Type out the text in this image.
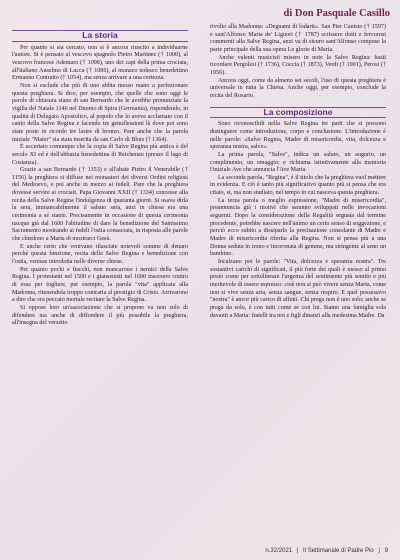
di Don Pasquale Casillo
La storia

Per quanto si sia cercato, non si è ancora riuscito a individuarne l'autore. Si è pensato al vescovo spagnolo Pietro Martinez († 1000), al vescovo francese Ademaro († 1098), uno dei capi della prima crociata, all'italiano Anselmo di Lucca († 1086), al monaco tedesco benedettino Ermanno Contratto († 1054), ma senza arrivare a una certezza.

Non si esclude che più di uno abbia messo mano a perfezionare questa preghiera. Si dice, per esempio, che quelle che sono oggi le parole di chiusura siano di san Bernardo che le avrebbe pronunziate la vigilia del Natale 1146 nel Duomo di Spira (Germania), rispondendo, in qualità di Delegato Apostolico, al popolo che lo aveva acclamato con il canto della Salve Regina e facendo tre genuflessioni là dove poi sono state poste in ricordo tre lastre di bronzo. Pare anche che la parola iniziale "Mater" sia stata inserita da san Carlo di Blois († 1364).

È accertato comunque che la copia di Salve Regina più antica è del secolo XI ed è dell'abbazia benedettina di Reichenau (presso il lago di Costanza).

Grazie a san Bernardo († 1153) e all'abate Pietro il Venerabile († 1156) la preghiera si diffuse nei monasteri dei diversi Ordini religiosi del Medioevo, e poi anche in mezzo ai fedeli. Pare che la preghiera dovesse servire ai crociati. Papa Giovanni XXII († 1334) concesse alla recita della Salve Regina l'indulgenza di quaranta giorni. Si usava dirla la sera, immancabilmente il sabato sera, anzi in chiesa era una cerimonia a sé stante. Precisamente in occasione di questa cerimonia nacque già dal 1600 l'abitudine di dare la benedizione del Santissimo Sacramento mostrando ai fedeli l'ostia consacrata, in risposta alle parole che chiedono a Maria di mostrarci Gesù.

E anche certo che venivano rilasciate notevoli somme di denaro perché questa funzione, recita della Salve Regina e benedizione con l'ostia, venisse introdotta nelle diverse chiese.

Per quanto pochi e fiacchi, non mancarono i nemici della Salve Regina. I protestanti nel 1500 e i giansenisti nel 1600 insorsero contro di essa per togliere, per esempio, la parola "vita" applicata alla Madonna, ritenendola troppo contraria al prestigio di Cristo. Arrivarono a dire che era peccato mortale recitare la Salve Regina.

Si oppose loro un'associazione che si propone va non solo di difendere ma anche di diffondere il più possibile la preghiera, all'insegna del versetto

rivolto alla Madonna: «Degnami di lodarti». San Pier Canisio († 1597) e sant'Alfonso Maria de' Liguori († 1787) scrissero dotti e fervorosi commenti alla Salve Regina, anzi va di sicuro sant'Alfonso compose la parte principale della sua opera Le glorie di Maria.

Anche valenti musicisti misero in note la Salve Regina: basti ricordare Pergolesi († 1736), Coccia († 1873), Verdi († 1901), Perosi († 1956).

Ancora oggi, come da almeno sei secoli, l'uso di questa preghiera è universale in tutta la Chiesa. Anche oggi, per esempio, conclude la recita del Rosario.

La composizione

Sono riconoscibili nella Salve Regina tre parti che si possono distinguere come introduzione, corpo e conclusione. L'introduzione è nelle parole: «Salve Regina, Madre di misericordia, vita, dolcezza e speranza nostra, salve».

La prima parola, "Salve", indica un saluto, un augurio, un complimento, un omaggio; e richiama istintivamente alla memoria l'iniziale Ave che annuncia l'Ave Maria.

La seconda parola, "Regina", è il titolo che la preghiera vuol mettere in evidenza. E ciò è tanto più significativo quanto più si pensa che era citato, si, ma non studiato, nel tempo in cui nasceva questa preghiera.

La terza parola o meglio espressione, "Madre di misericordia", preannuncia già i motivi che saranno sviluppati nelle invocazioni seguenti. Dopo la considerazione della Regalità segnata dal termine precedente, potrebbe nascere nell'animo un certo senso di soggezione, e perciò ecco subito a dissiparlo la precisazione consolante di Madre e Madre di misericordia riferita alla Regina. Non si pensa più a una Donna seduta in trono e incoronata di gemme, ma stringente al seno un bambino.

Incalzano poi le parole: "Vita, dolcezza e speranza nostra". Tre sostantivi carichi di significati, il più forte dei quali è messo al primo posto come per sottolineare l'urgenza del sentimento più sentito e più meritevole di essere espresso: cioè non si può vivere senza Maria, come non si vive senza aria, senza sangue, senza respiro. E quel possessivo "nostra" è ancor più carico di affetti. Chi prega non è uno solo; anche se prega da solo, è con tutti come se con lui. Siamo una famiglia sola davanti a Maria: fratelli tra noi e figli dinanzi alla medesima Madre. Da

n.32/2021 | Il Settimanale di Padre Pio | 9
